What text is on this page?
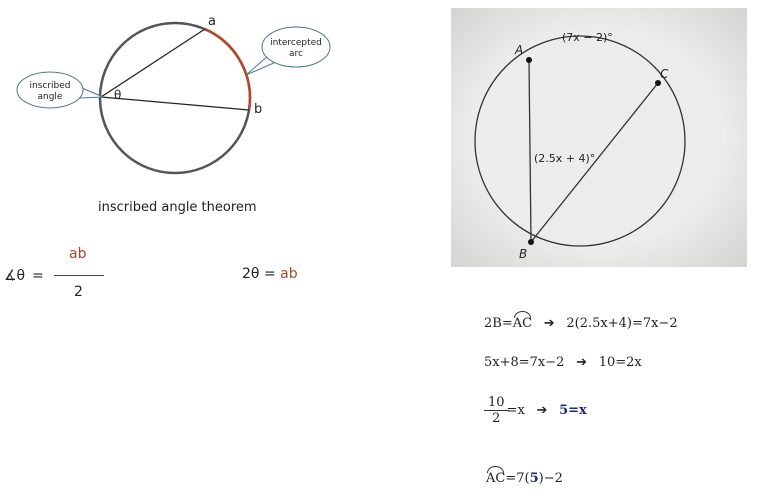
a
b
θ
inscribed
angle
intercepted
arc
inscribed angle theorem
∡θ =
ab
2
2θ = ab
A
B
C
(7x − 2)°
(2.5x + 4)°
2B=AC ➔ 2(2.5x+4)=7x−2
5x+8=7x−2 ➔ 10=2x
$\frac{10}{2} =x$ ➔ 5=x
AC=7(5)−2
